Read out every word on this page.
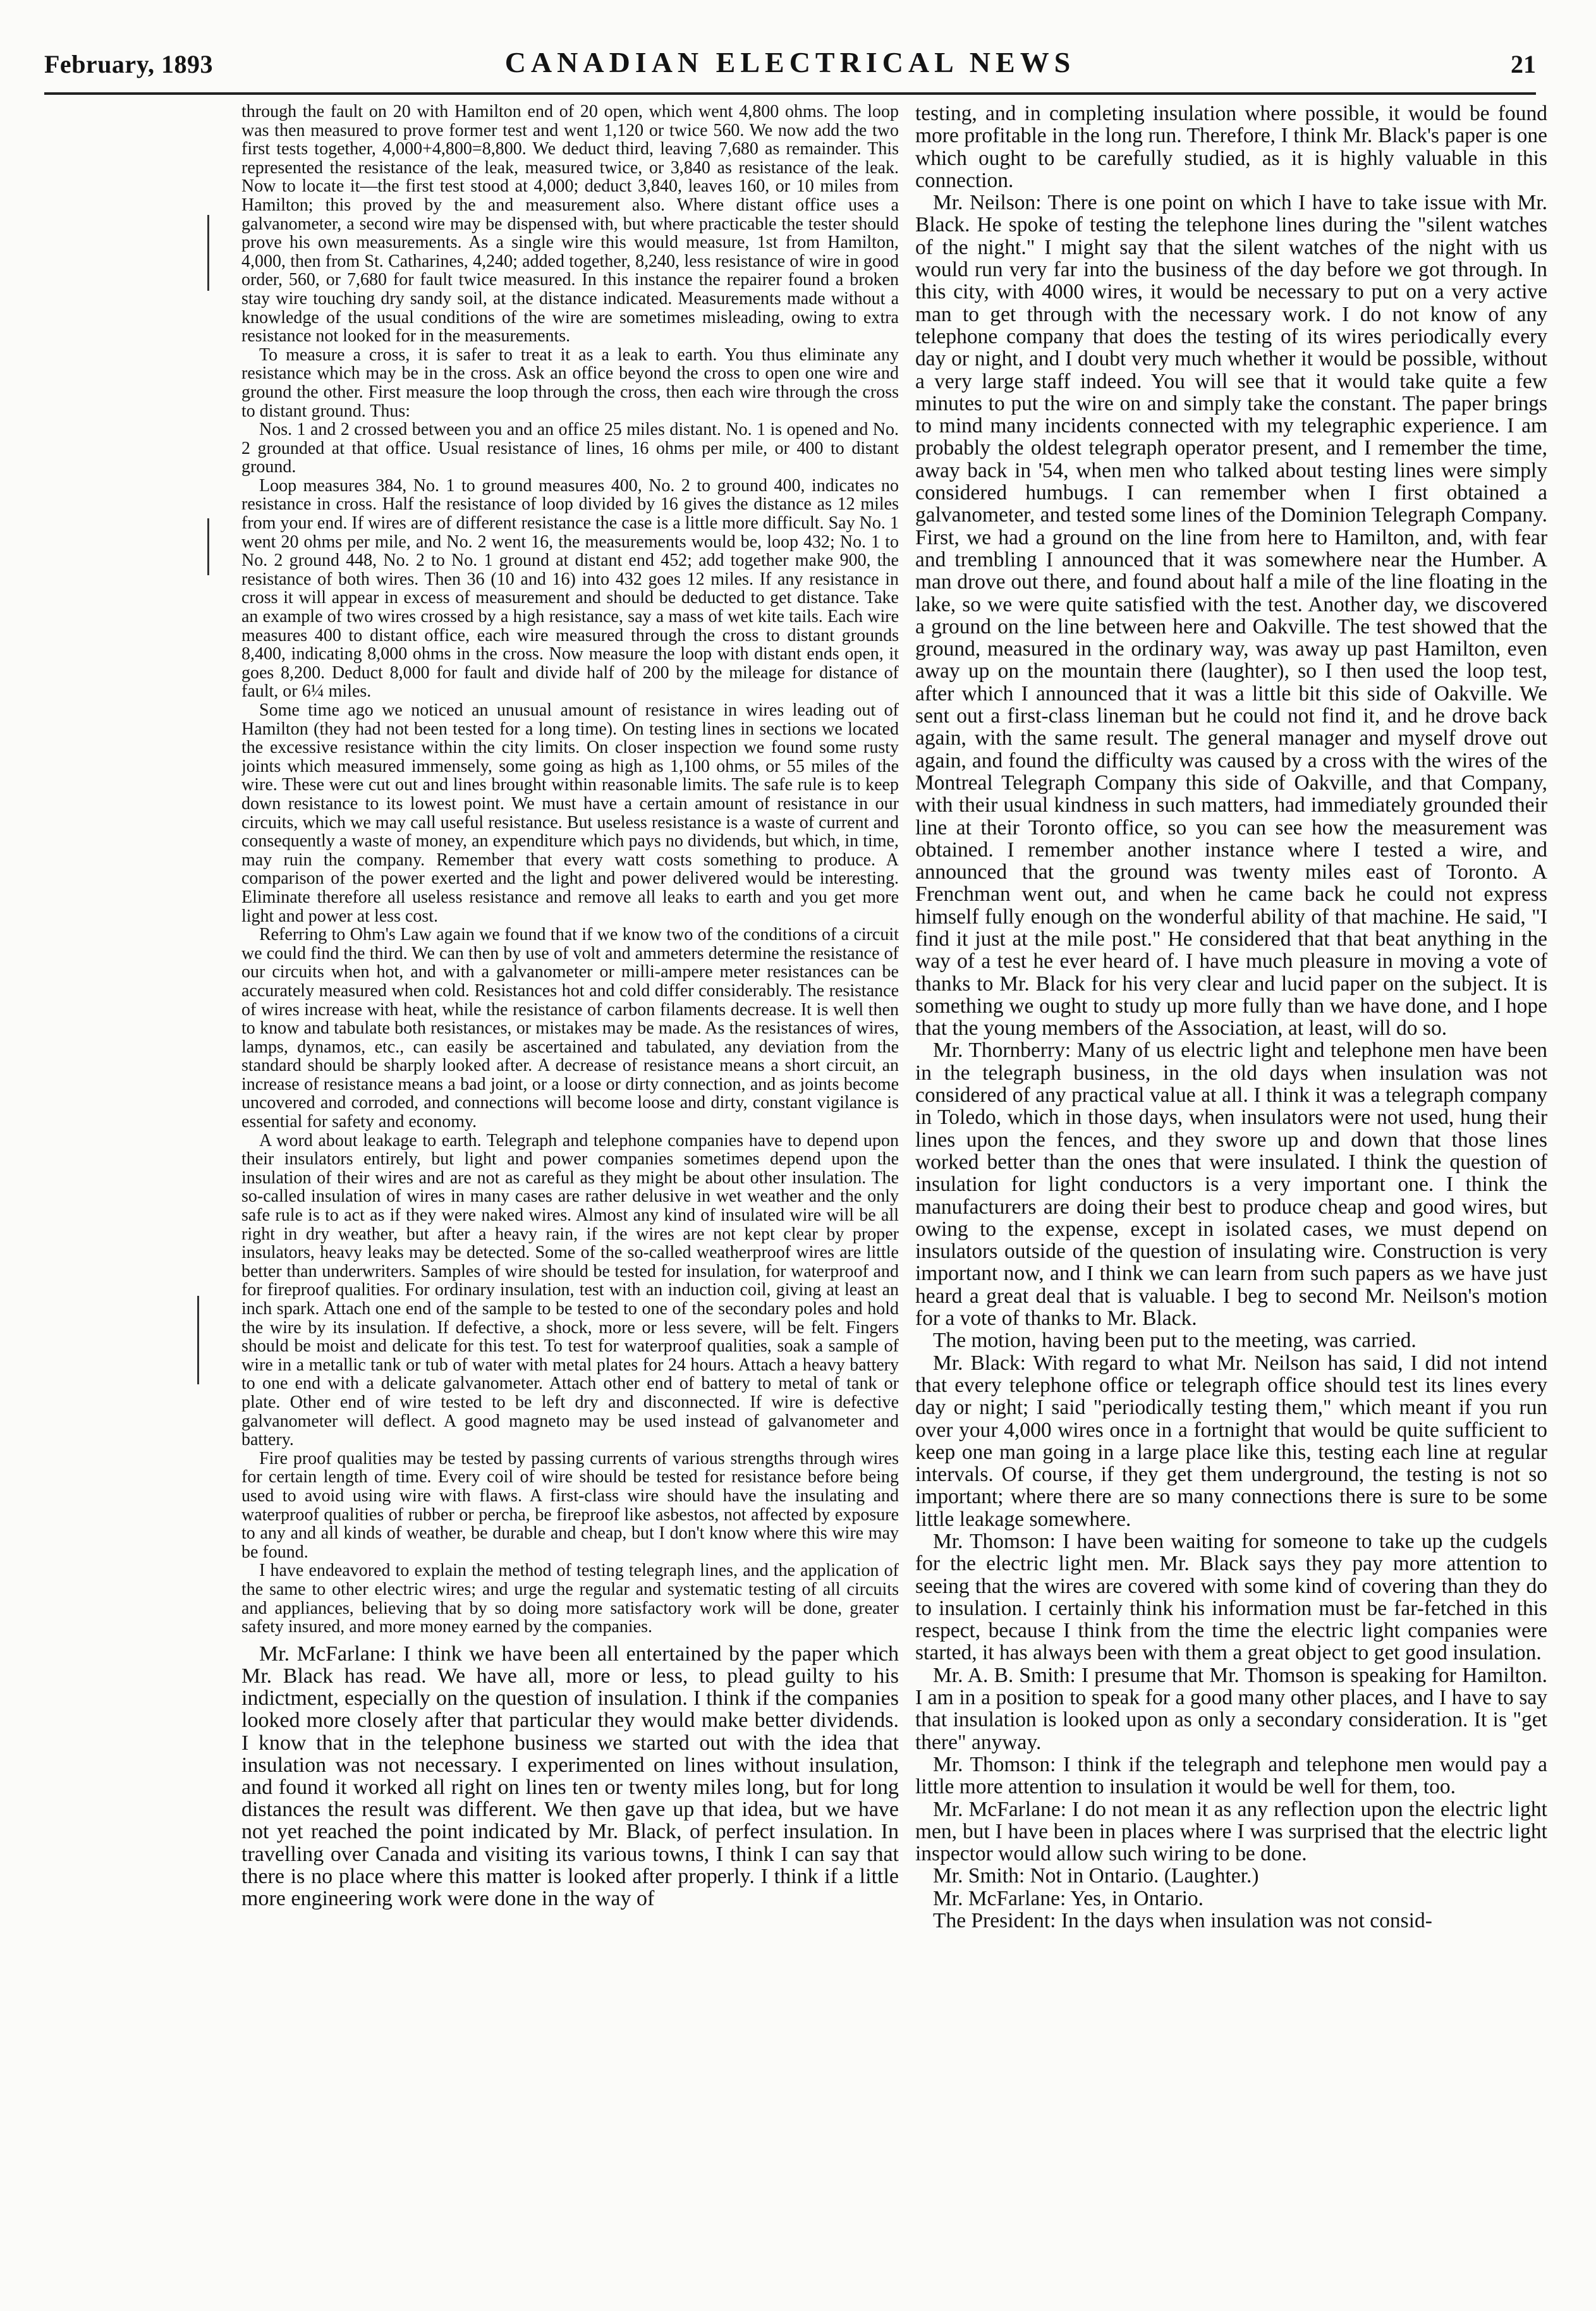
February, 1893	CANADIAN ELECTRICAL NEWS	21

through the fault on 20 with Hamilton end of 20 open, which went 4,800 ohms. The loop was then measured to prove former test and went 1,120 or twice 560. We now add the two first tests together, 4,000+4,800=8,800. We deduct third, leaving 7,680 as remainder. This represented the resistance of the leak, measured twice, or 3,840 as resistance of the leak. Now to locate it—the first test stood at 4,000; deduct 3,840, leaves 160, or 10 miles from Hamilton; this proved by the and measurement also. Where distant office uses a galvanometer, a second wire may be dispensed with, but where practicable the tester should prove his own measurements. As a single wire this would measure, 1st from Hamilton, 4,000, then from St. Catharines, 4,240; added together, 8,240, less resistance of wire in good order, 560, or 7,680 for fault twice measured. In this instance the repairer found a broken stay wire touching dry sandy soil, at the distance indicated. Measurements made without a knowledge of the usual conditions of the wire are sometimes misleading, owing to extra resistance not looked for in the measurements.

To measure a cross, it is safer to treat it as a leak to earth. You thus eliminate any resistance which may be in the cross. Ask an office beyond the cross to open one wire and ground the other. First measure the loop through the cross, then each wire through the cross to distant ground. Thus:

Nos. 1 and 2 crossed between you and an office 25 miles distant. No. 1 is opened and No. 2 grounded at that office. Usual resistance of lines, 16 ohms per mile, or 400 to distant ground.

Loop measures 384, No. 1 to ground measures 400, No. 2 to ground 400, indicates no resistance in cross. Half the resistance of loop divided by 16 gives the distance as 12 miles from your end. If wires are of different resistance the case is a little more difficult. Say No. 1 went 20 ohms per mile, and No. 2 went 16, the measurements would be, loop 432; No. 1 to No. 2 ground 448, No. 2 to No. 1 ground at distant end 452; add together make 900, the resistance of both wires. Then 36 (10 and 16) into 432 goes 12 miles. If any resistance in cross it will appear in excess of measurement and should be deducted to get distance. Take an example of two wires crossed by a high resistance, say a mass of wet kite tails. Each wire measures 400 to distant office, each wire measured through the cross to distant grounds 8,400, indicating 8,000 ohms in the cross. Now measure the loop with distant ends open, it goes 8,200. Deduct 8,000 for fault and divide half of 200 by the mileage for distance of fault, or 6¼ miles.

Some time ago we noticed an unusual amount of resistance in wires leading out of Hamilton (they had not been tested for a long time). On testing lines in sections we located the excessive resistance within the city limits. On closer inspection we found some rusty joints which measured immensely, some going as high as 1,100 ohms, or 55 miles of the wire. These were cut out and lines brought within reasonable limits. The safe rule is to keep down resistance to its lowest point. We must have a certain amount of resistance in our circuits, which we may call useful resistance. But useless resistance is a waste of current and consequently a waste of money, an expenditure which pays no dividends, but which, in time, may ruin the company. Remember that every watt costs something to produce. A comparison of the power exerted and the light and power delivered would be interesting. Eliminate therefore all useless resistance and remove all leaks to earth and you get more light and power at less cost.

Referring to Ohm's Law again we found that if we know two of the conditions of a circuit we could find the third. We can then by use of volt and ammeters determine the resistance of our circuits when hot, and with a galvanometer or milli-ampere meter resistances can be accurately measured when cold. Resistances hot and cold differ considerably. The resistance of wires increase with heat, while the resistance of carbon filaments decrease. It is well then to know and tabulate both resistances, or mistakes may be made. As the resistances of wires, lamps, dynamos, etc., can easily be ascertained and tabulated, any deviation from the standard should be sharply looked after. A decrease of resistance means a short circuit, an increase of resistance means a bad joint, or a loose or dirty connection, and as joints become uncovered and corroded, and connections will become loose and dirty, constant vigilance is essential for safety and economy.

A word about leakage to earth. Telegraph and telephone companies have to depend upon their insulators entirely, but light and power companies sometimes depend upon the insulation of their wires and are not as careful as they might be about other insulation. The so-called insulation of wires in many cases are rather delusive in wet weather and the only safe rule is to act as if they were naked wires. Almost any kind of insulated wire will be all right in dry weather, but after a heavy rain, if the wires are not kept clear by proper insulators, heavy leaks may be detected. Some of the so-called weatherproof wires are little better than underwriters. Samples of wire should be tested for insulation, for waterproof and for fireproof qualities. For ordinary insulation, test with an induction coil, giving at least an inch spark. Attach one end of the sample to be tested to one of the secondary poles and hold the wire by its insulation. If defective, a shock, more or less severe, will be felt. Fingers should be moist and delicate for this test. To test for waterproof qualities, soak a sample of wire in a metallic tank or tub of water with metal plates for 24 hours. Attach a heavy battery to one end with a delicate galvanometer. Attach other end of battery to metal of tank or plate. Other end of wire tested to be left dry and disconnected. If wire is defective galvanometer will deflect. A good magneto may be used instead of galvanometer and battery.

Fire proof qualities may be tested by passing currents of various strengths through wires for certain length of time. Every coil of wire should be tested for resistance before being used to avoid using wire with flaws. A first-class wire should have the insulating and waterproof qualities of rubber or percha, be fireproof like asbestos, not affected by exposure to any and all kinds of weather, be durable and cheap, but I don't know where this wire may be found.

I have endeavored to explain the method of testing telegraph lines, and the application of the same to other electric wires; and urge the regular and systematic testing of all circuits and appliances, believing that by so doing more satisfactory work will be done, greater safety insured, and more money earned by the companies.

Mr. McFarlane: I think we have been all entertained by the paper which Mr. Black has read. We have all, more or less, to plead guilty to his indictment, especially on the question of insulation. I think if the companies looked more closely after that particular they would make better dividends. I know that in the telephone business we started out with the idea that insulation was not necessary. I experimented on lines without insulation, and found it worked all right on lines ten or twenty miles long, but for long distances the result was different. We then gave up that idea, but we have not yet reached the point indicated by Mr. Black, of perfect insulation. In travelling over Canada and visiting its various towns, I think I can say that there is no place where this matter is looked after properly. I think if a little more engineering work were done in the way of

testing, and in completing insulation where possible, it would be found more profitable in the long run. Therefore, I think Mr. Black's paper is one which ought to be carefully studied, as it is highly valuable in this connection.

Mr. Neilson: There is one point on which I have to take issue with Mr. Black. He spoke of testing the telephone lines during the "silent watches of the night." I might say that the silent watches of the night with us would run very far into the business of the day before we got through. In this city, with 4000 wires, it would be necessary to put on a very active man to get through with the necessary work. I do not know of any telephone company that does the testing of its wires periodically every day or night, and I doubt very much whether it would be possible, without a very large staff indeed. You will see that it would take quite a few minutes to put the wire on and simply take the constant. The paper brings to mind many incidents connected with my telegraphic experience. I am probably the oldest telegraph operator present, and I remember the time, away back in '54, when men who talked about testing lines were simply considered humbugs. I can remember when I first obtained a galvanometer, and tested some lines of the Dominion Telegraph Company. First, we had a ground on the line from here to Hamilton, and, with fear and trembling I announced that it was somewhere near the Humber. A man drove out there, and found about half a mile of the line floating in the lake, so we were quite satisfied with the test. Another day, we discovered a ground on the line between here and Oakville. The test showed that the ground, measured in the ordinary way, was away up past Hamilton, even away up on the mountain there (laughter), so I then used the loop test, after which I announced that it was a little bit this side of Oakville. We sent out a first-class lineman but he could not find it, and he drove back again, with the same result. The general manager and myself drove out again, and found the difficulty was caused by a cross with the wires of the Montreal Telegraph Company this side of Oakville, and that Company, with their usual kindness in such matters, had immediately grounded their line at their Toronto office, so you can see how the measurement was obtained. I remember another instance where I tested a wire, and announced that the ground was twenty miles east of Toronto. A Frenchman went out, and when he came back he could not express himself fully enough on the wonderful ability of that machine. He said, "I find it just at the mile post." He considered that that beat anything in the way of a test he ever heard of. I have much pleasure in moving a vote of thanks to Mr. Black for his very clear and lucid paper on the subject. It is something we ought to study up more fully than we have done, and I hope that the young members of the Association, at least, will do so.

Mr. Thornberry: Many of us electric light and telephone men have been in the telegraph business, in the old days when insulation was not considered of any practical value at all. I think it was a telegraph company in Toledo, which in those days, when insulators were not used, hung their lines upon the fences, and they swore up and down that those lines worked better than the ones that were insulated. I think the question of insulation for light conductors is a very important one. I think the manufacturers are doing their best to produce cheap and good wires, but owing to the expense, except in isolated cases, we must depend on insulators outside of the question of insulating wire. Construction is very important now, and I think we can learn from such papers as we have just heard a great deal that is valuable. I beg to second Mr. Neilson's motion for a vote of thanks to Mr. Black.

The motion, having been put to the meeting, was carried.

Mr. Black: With regard to what Mr. Neilson has said, I did not intend that every telephone office or telegraph office should test its lines every day or night; I said "periodically testing them," which meant if you run over your 4,000 wires once in a fortnight that would be quite sufficient to keep one man going in a large place like this, testing each line at regular intervals. Of course, if they get them underground, the testing is not so important; where there are so many connections there is sure to be some little leakage somewhere.

Mr. Thomson: I have been waiting for someone to take up the cudgels for the electric light men. Mr. Black says they pay more attention to seeing that the wires are covered with some kind of covering than they do to insulation. I certainly think his information must be far-fetched in this respect, because I think from the time the electric light companies were started, it has always been with them a great object to get good insulation.

Mr. A. B. Smith: I presume that Mr. Thomson is speaking for Hamilton. I am in a position to speak for a good many other places, and I have to say that insulation is looked upon as only a secondary consideration. It is "get there" anyway.

Mr. Thomson: I think if the telegraph and telephone men would pay a little more attention to insulation it would be well for them, too.

Mr. McFarlane: I do not mean it as any reflection upon the electric light men, but I have been in places where I was surprised that the electric light inspector would allow such wiring to be done.

Mr. Smith: Not in Ontario. (Laughter.)

Mr. McFarlane: Yes, in Ontario.

The President: In the days when insulation was not consid-
